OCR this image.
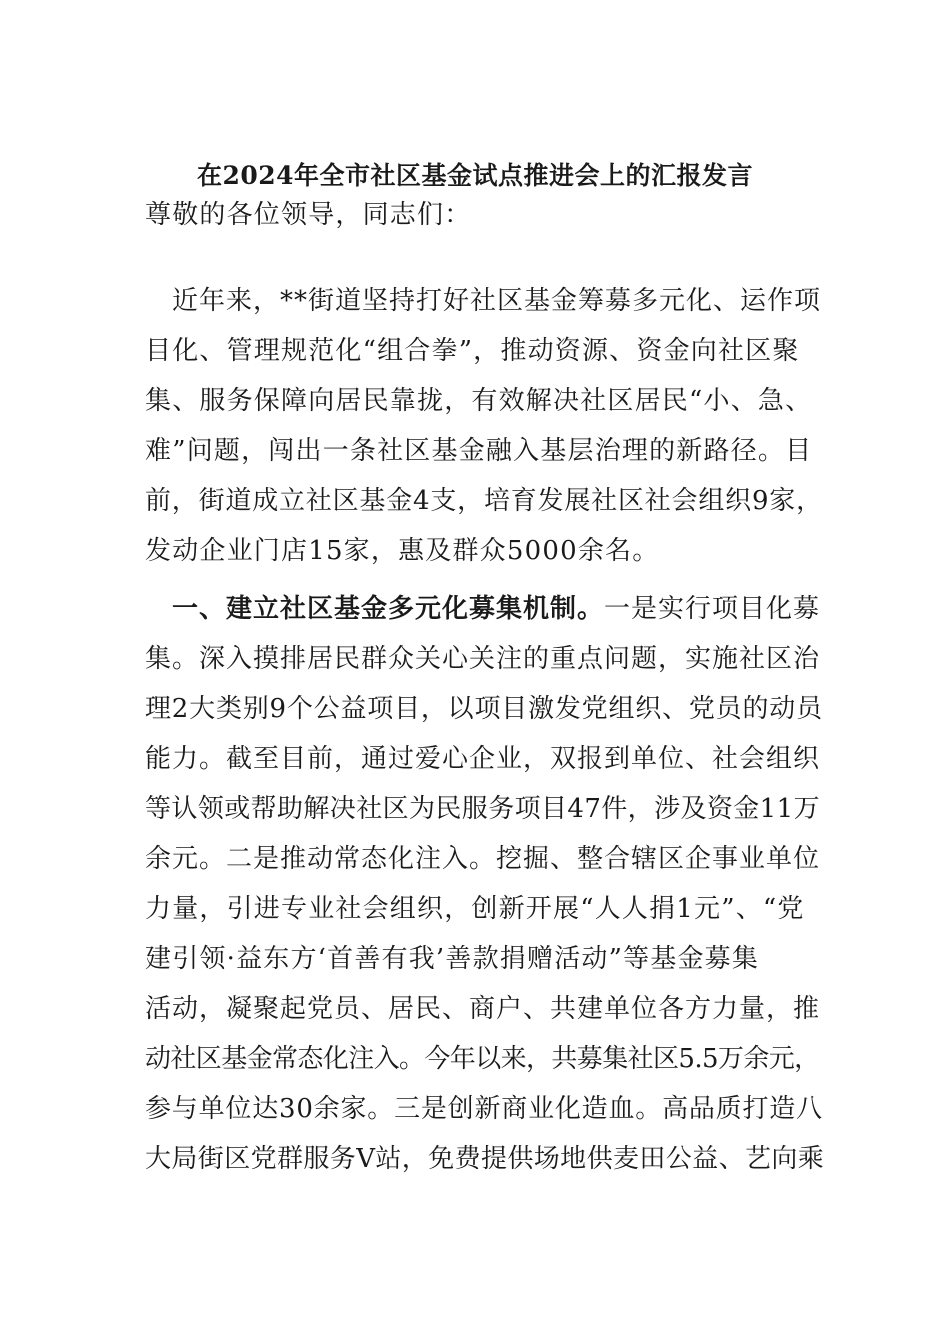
在2024年全市社区基金试点推进会上的汇报发言
尊敬的各位领导，同志们：
　近年来，**街道坚持打好社区基金筹募多元化、运作项
目化、管理规范化“组合拳”，推动资源、资金向社区聚
集、服务保障向居民靠拢，有效解决社区居民“小、急、
难”问题，闯出一条社区基金融入基层治理的新路径。目
前，街道成立社区基金4支，培育发展社区社会组织9家，
发动企业门店15家，惠及群众5000余名。
　一、建立社区基金多元化募集机制。一是实行项目化募
集。深入摸排居民群众关心关注的重点问题，实施社区治
理2大类别9个公益项目，以项目激发党组织、党员的动员
能力。截至目前，通过爱心企业，双报到单位、社会组织
等认领或帮助解决社区为民服务项目47件，涉及资金11万
余元。二是推动常态化注入。挖掘、整合辖区企事业单位
力量，引进专业社会组织，创新开展“人人捐1元”、“党
建引领·益东方‘首善有我’善款捐赠活动”等基金募集
活动，凝聚起党员、居民、商户、共建单位各方力量，推
动社区基金常态化注入。今年以来，共募集社区5.5万余元，
参与单位达30余家。三是创新商业化造血。高品质打造八
大局街区党群服务V站，免费提供场地供麦田公益、艺向乘
